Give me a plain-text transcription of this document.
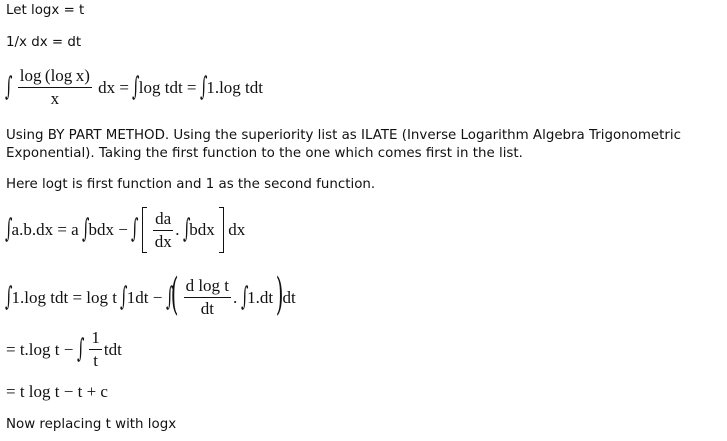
Let logx = t
1/x dx = dt
∫ $\frac{\text{log (log x)}}{x}$ dx = ∫log tdt = ∫1.log tdt
Using BY PART METHOD. Using the superiority list as ILATE (Inverse Logarithm Algebra Trigonometric
Exponential). Taking the first function to the one which comes first in the list.
Here logt is first function and 1 as the second function.
∫a.b.dx = a ∫bdx − ∫ $\frac{da}{dx}$ . ∫bdx dx
∫1.log tdt = log t ∫1dt − ∫( $\frac{\text{d log t}}{dt}$ . ∫1.dt )dt
= t.log t − ∫ $\frac{1}{t}$ tdt
= t log t − t + c
Now replacing t with logx
